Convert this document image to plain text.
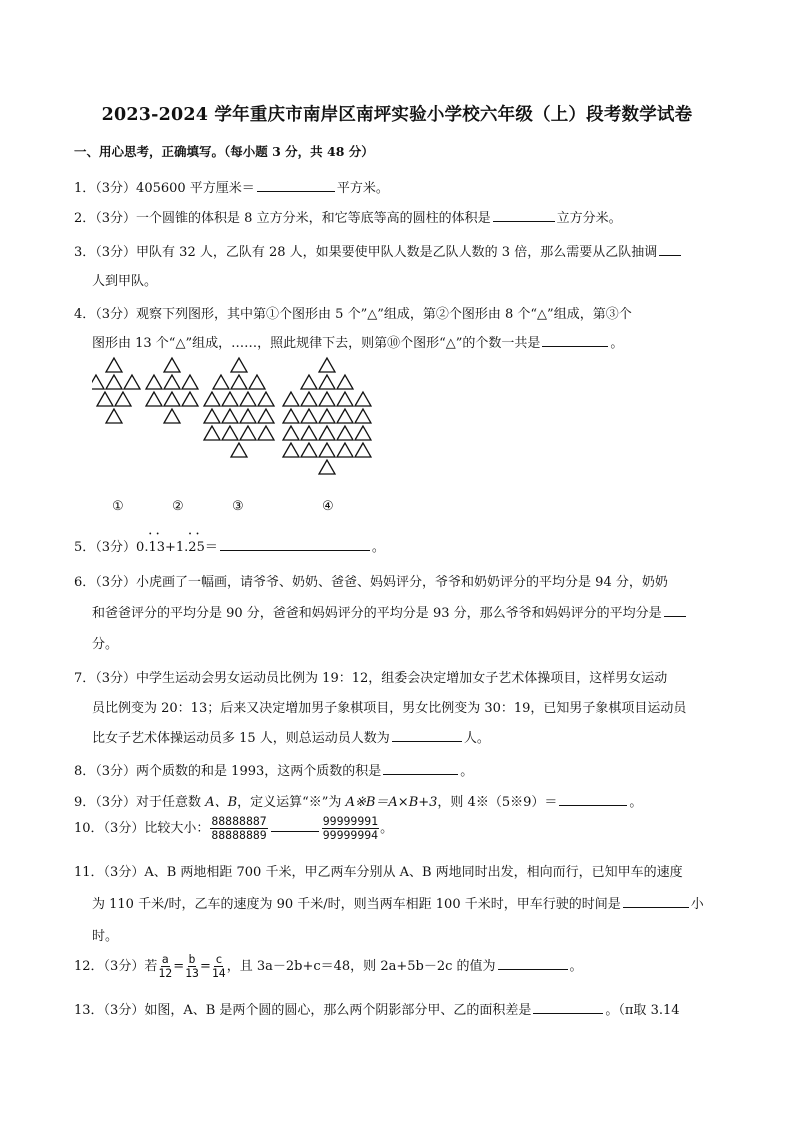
2023-2024 学年重庆市南岸区南坪实验小学校六年级（上）段考数学试卷
一、用心思考，正确填写。（每小题 3 分，共 48 分）
1．（3分）405600 平方厘米＝	平方米。
2．（3分）一个圆锥的体积是 8 立方分米，和它等底等高的圆柱的体积是	立方分米。
3．（3分）甲队有 32 人，乙队有 28 人，如果要使甲队人数是乙队人数的 3 倍，那么需要从乙队抽调
人到甲队。
4．（3分）观察下列图形，其中第①个图形由 5 个”△”组成，第②个图形由 8 个“△”组成，第③个
图形由 13 个“△”组成，……，照此规律下去，则第⑩个图形“△”的个数一共是	。
①	②	③	④
5．（3分）0.• • 13+1.• • 25＝	。
6．（3分）小虎画了一幅画，请爷爷、奶奶、爸爸、妈妈评分，爷爷和奶奶评分的平均分是 94 分，奶奶
和爸爸评分的平均分是 90 分，爸爸和妈妈评分的平均分是 93 分，那么爷爷和妈妈评分的平均分是
分。
7．（3分）中学生运动会男女运动员比例为 19：12，组委会决定增加女子艺术体操项目，这样男女运动
员比例变为 20：13；后来又决定增加男子象棋项目，男女比例变为 30：19，已知男子象棋项目运动员
比女子艺术体操运动员多 15 人，则总运动员人数为	人。
8．（3分）两个质数的和是 1993，这两个质数的积是	。
9．（3分）对于任意数 A、B，定义运算“※”为 A※B＝A×B+3，则 4※（5※9）＝	。
10．（3分）比较大小： $\frac{88888887}{88888889}$	$\frac{99999991}{99999994}$ 。
11．（3分）A、B 两地相距 700 千米，甲乙两车分别从 A、B 两地同时出发，相向而行，已知甲车的速度
为 110 千米/时，乙车的速度为 90 千米/时，则当两车相距 100 千米时，甲车行驶的时间是	小
时。
12．（3分）若 $\frac{a}{12} = \frac{b}{13} = \frac{c}{14}$ ，且 3a－2b+c＝48，则 2a+5b－2c 的值为	。
13．（3分）如图，A、B 是两个圆的圆心，那么两个阴影部分甲、乙的面积差是	。（π取 3.14
